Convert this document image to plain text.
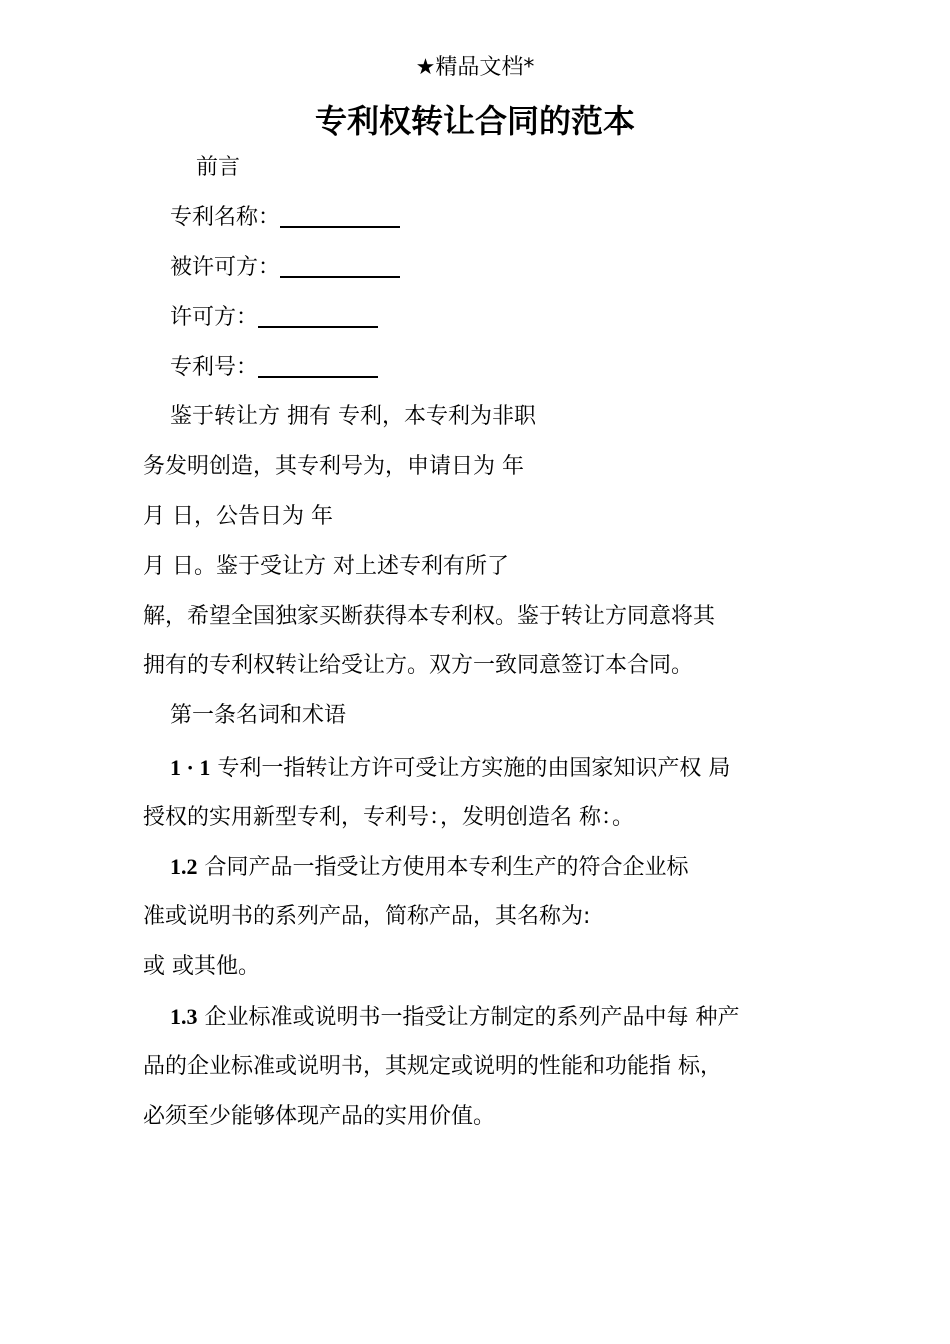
★精品文档*
专利权转让合同的范本
前言
专利名称：
被许可方：
许可方：
专利号：
鉴于转让方 拥有 专利，本专利为非职
务发明创造，其专利号为，申请日为 年
月 日，公告日为 年
月 日。鉴于受让方 对上述专利有所了
解，希望全国独家买断获得本专利权。鉴于转让方同意将其
拥有的专利权转让给受让方。双方一致同意签订本合同。
第一条名词和术语
1 · 1 专利一指转让方许可受让方实施的由国家知识产权 局
授权的实用新型专利，专利号：，发明创造名 称：。
1.2 合同产品一指受让方使用本专利生产的符合企业标
准或说明书的系列产品，简称产品，其名称为:
或 或其他。
1.3 企业标准或说明书一指受让方制定的系列产品中每 种产
品的企业标准或说明书，其规定或说明的性能和功能指 标，
必须至少能够体现产品的实用价值。
